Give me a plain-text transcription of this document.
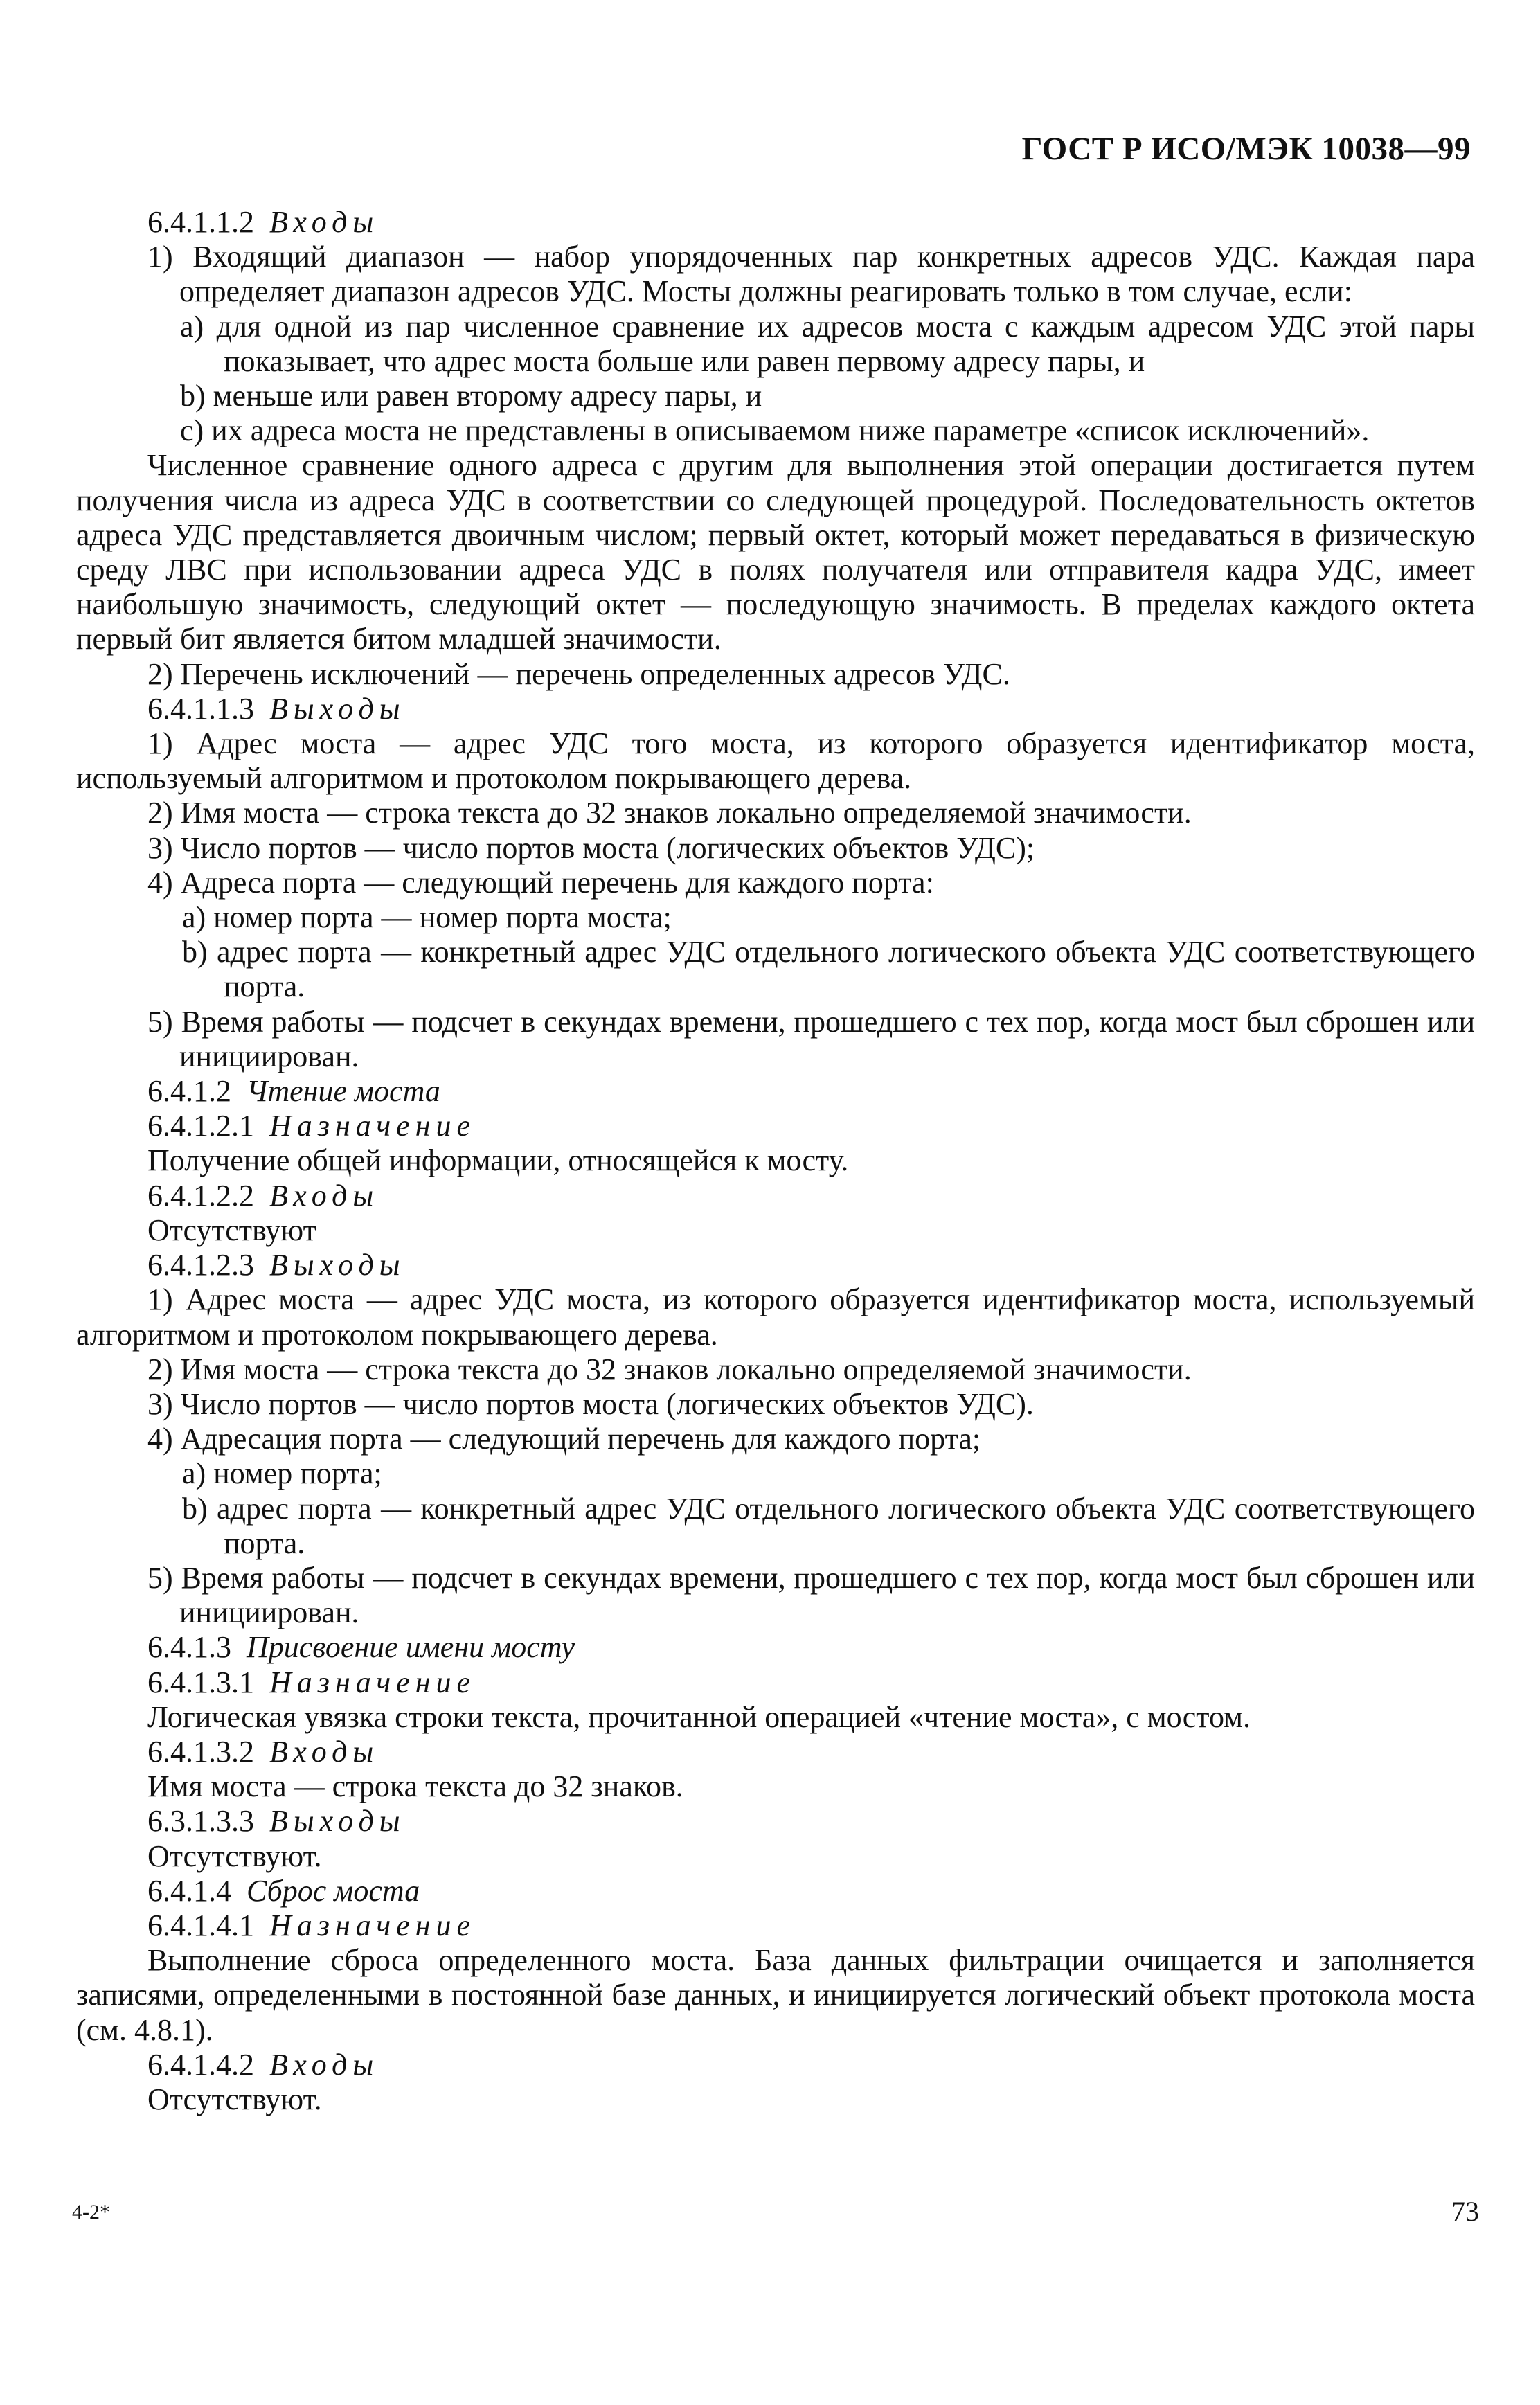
ГОСТ Р ИСО/МЭК 10038—99

6.4.1.1.2 Входы

1) Входящий диапазон — набор упорядоченных пар конкретных адресов УДС. Каждая пара определяет диапазон адресов УДС. Мосты должны реагировать только в том случае, если:

а) для одной из пар численное сравнение их адресов моста с каждым адресом УДС этой пары показывает, что адрес моста больше или равен первому адресу пары, и

b) меньше или равен второму адресу пары, и

с) их адреса моста не представлены в описываемом ниже параметре «список исключений».

Численное сравнение одного адреса с другим для выполнения этой операции достигается путем получения числа из адреса УДС в соответствии со следующей процедурой. Последовательность октетов адреса УДС представляется двоичным числом; первый октет, который может передаваться в физическую среду ЛВС при использовании адреса УДС в полях получателя или отправителя кадра УДС, имеет наибольшую значимость, следующий октет — последующую значимость. В пределах каждого октета первый бит является битом младшей значимости.

2) Перечень исключений — перечень определенных адресов УДС.

6.4.1.1.3 Выходы

1) Адрес моста — адрес УДС того моста, из которого образуется идентификатор моста, используемый алгоритмом и протоколом покрывающего дерева.

2) Имя моста — строка текста до 32 знаков локально определяемой значимости.

3) Число портов — число портов моста (логических объектов УДС);

4) Адреса порта — следующий перечень для каждого порта:

а) номер порта — номер порта моста;

b) адрес порта — конкретный адрес УДС отдельного логического объекта УДС соответствующего порта.

5) Время работы — подсчет в секундах времени, прошедшего с тех пор, когда мост был сброшен или инициирован.

6.4.1.2 Чтение моста

6.4.1.2.1 Назначение

Получение общей информации, относящейся к мосту.

6.4.1.2.2 Входы

Отсутствуют

6.4.1.2.3 Выходы

1) Адрес моста — адрес УДС моста, из которого образуется идентификатор моста, используемый алгоритмом и протоколом покрывающего дерева.

2) Имя моста — строка текста до 32 знаков локально определяемой значимости.

3) Число портов — число портов моста (логических объектов УДС).

4) Адресация порта — следующий перечень для каждого порта;

а) номер порта;

b) адрес порта — конкретный адрес УДС отдельного логического объекта УДС соответствующего порта.

5) Время работы — подсчет в секундах времени, прошедшего с тех пор, когда мост был сброшен или инициирован.

6.4.1.3 Присвоение имени мосту

6.4.1.3.1 Назначение

Логическая увязка строки текста, прочитанной операцией «чтение моста», с мостом.

6.4.1.3.2 Входы

Имя моста — строка текста до 32 знаков.

6.3.1.3.3 Выходы

Отсутствуют.

6.4.1.4 Сброс моста

6.4.1.4.1 Назначение

Выполнение сброса определенного моста. База данных фильтрации очищается и заполняется записями, определенными в постоянной базе данных, и инициируется логический объект протокола моста (см. 4.8.1).

6.4.1.4.2 Входы

Отсутствуют.

4-2*	73
